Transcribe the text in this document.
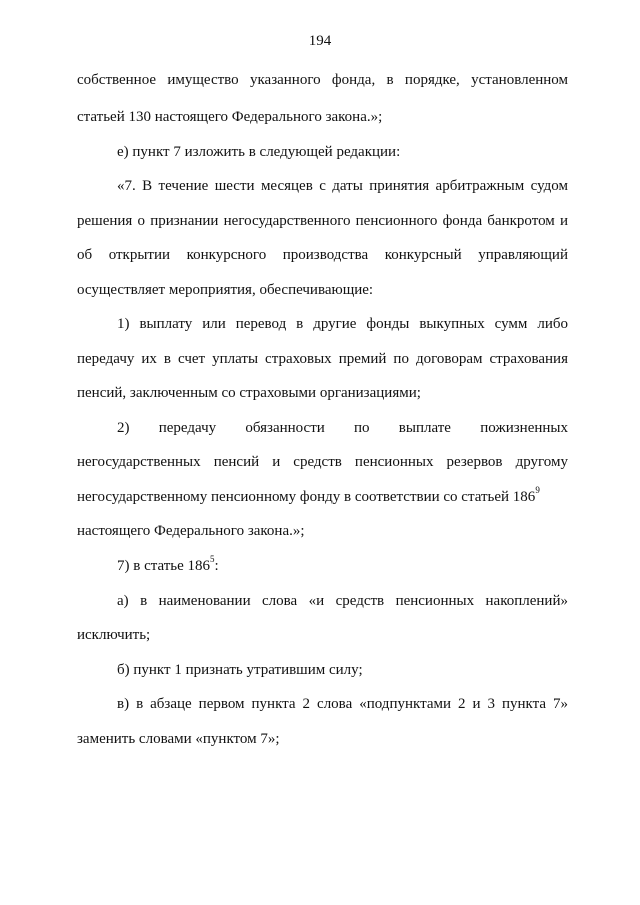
194
собственное имущество указанного фонда, в порядке, установленном
статьей 130 настоящего Федерального закона.»;
е) пункт 7 изложить в следующей редакции:
«7. В течение шести месяцев с даты принятия арбитражным судом
решения о признании негосударственного пенсионного фонда банкротом и
об открытии конкурсного производства конкурсный управляющий
осуществляет мероприятия, обеспечивающие:
1) выплату или перевод в другие фонды выкупных сумм либо
передачу их в счет уплаты страховых премий по договорам страхования
пенсий, заключенным со страховыми организациями;
2) передачу обязанности по выплате пожизненных
негосударственных пенсий и средств пенсионных резервов другому
негосударственному пенсионному фонду в соответствии со статьей $186^9$
настоящего Федерального закона.»;
7) в статье $186^5$:
а) в наименовании слова «и средств пенсионных накоплений»
исключить;
б) пункт 1 признать утратившим силу;
в) в абзаце первом пункта 2 слова «подпунктами 2 и 3 пункта 7»
заменить словами «пунктом 7»;
